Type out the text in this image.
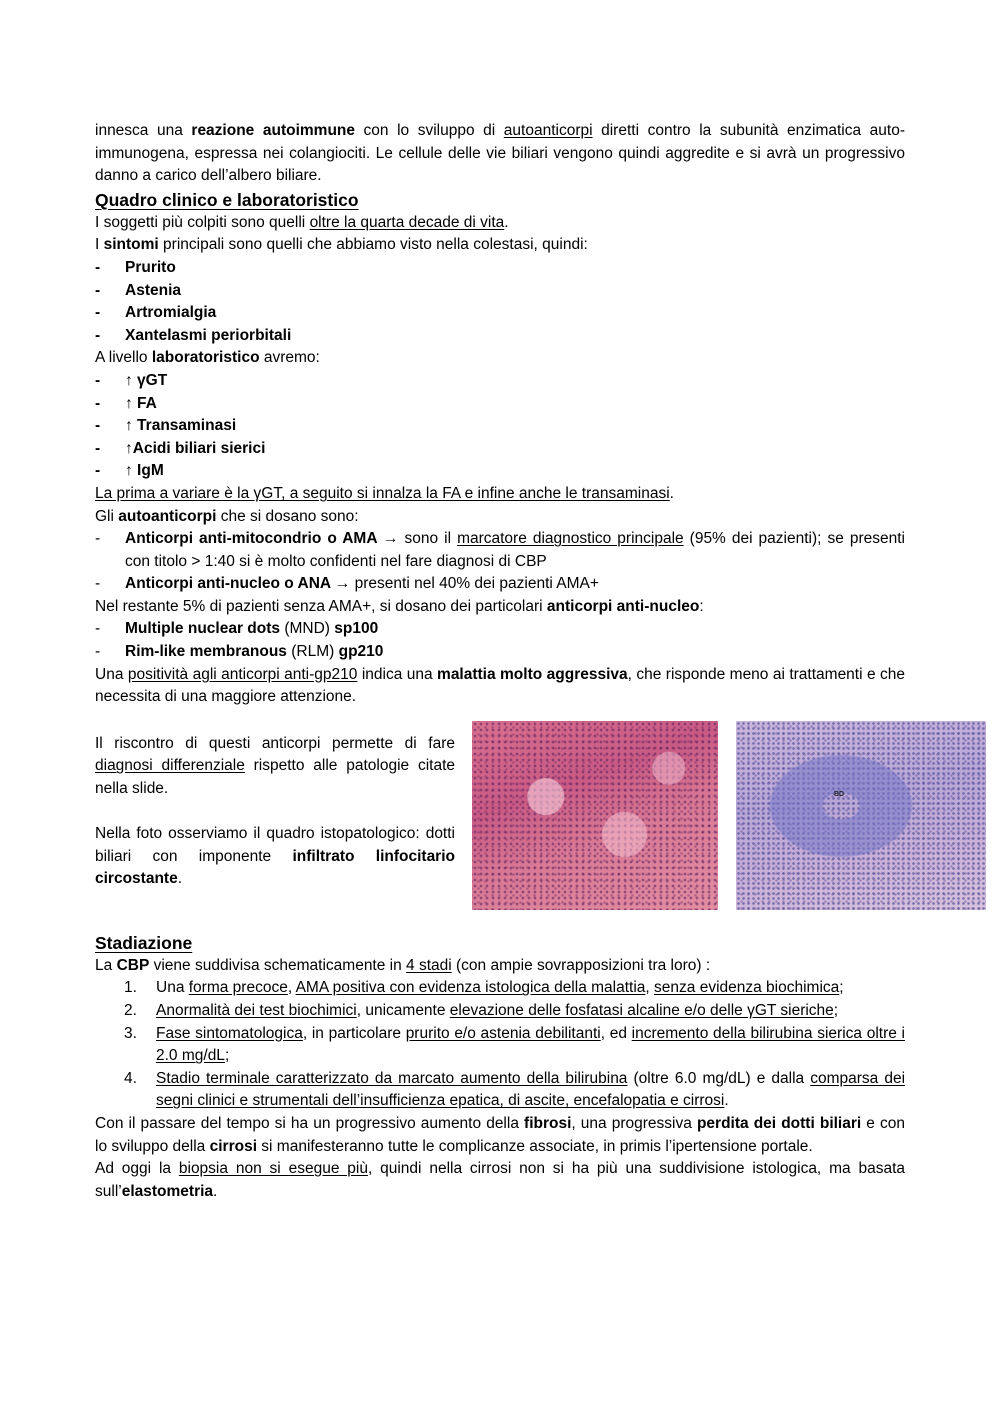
innesca una reazione autoimmune con lo sviluppo di autoanticorpi diretti contro la subunità enzimatica auto-immunogena, espressa nei colangiociti. Le cellule delle vie biliari vengono quindi aggredite e si avrà un progressivo danno a carico dell’albero biliare.

Quadro clinico e laboratoristico

I soggetti più colpiti sono quelli oltre la quarta decade di vita.

I sintomi principali sono quelli che abbiamo visto nella colestasi, quindi:

- Prurito
- Astenia
- Artromialgia
- Xantelasmi periorbitali

A livello laboratoristico avremo:

- ↑ γGT
- ↑ FA
- ↑ Transaminasi
- ↑Acidi biliari sierici
- ↑ IgM

La prima a variare è la γGT, a seguito si innalza la FA e infine anche le transaminasi.

Gli autoanticorpi che si dosano sono:

- Anticorpi anti-mitocondrio o AMA → sono il marcatore diagnostico principale (95% dei pazienti); se presenti con titolo > 1:40 si è molto confidenti nel fare diagnosi di CBP
- Anticorpi anti-nucleo o ANA → presenti nel 40% dei pazienti AMA+

Nel restante 5% di pazienti senza AMA+, si dosano dei particolari anticorpi anti-nucleo:

- Multiple nuclear dots (MND) sp100
- Rim-like membranous (RLM) gp210

Una positività agli anticorpi anti-gp210 indica una malattia molto aggressiva, che risponde meno ai trattamenti e che necessita di una maggiore attenzione.

Il riscontro di questi anticorpi permette di fare diagnosi differenziale rispetto alle patologie citate nella slide.

Nella foto osserviamo il quadro istopatologico: dotti biliari con imponente infiltrato linfocitario circostante.

BD

Stadiazione

La CBP viene suddivisa schematicamente in 4 stadi (con ampie sovrapposizioni tra loro) :

1. Una forma precoce, AMA positiva con evidenza istologica della malattia, senza evidenza biochimica;
2. Anormalità dei test biochimici, unicamente elevazione delle fosfatasi alcaline e/o delle γGT sieriche;
3. Fase sintomatologica, in particolare prurito e/o astenia debilitanti, ed incremento della bilirubina sierica oltre i 2.0 mg/dL;
4. Stadio terminale caratterizzato da marcato aumento della bilirubina (oltre 6.0 mg/dL) e dalla comparsa dei segni clinici e strumentali dell’insufficienza epatica, di ascite, encefalopatia e cirrosi.

Con il passare del tempo si ha un progressivo aumento della fibrosi, una progressiva perdita dei dotti biliari e con lo sviluppo della cirrosi si manifesteranno tutte le complicanze associate, in primis l’ipertensione portale.

Ad oggi la biopsia non si esegue più, quindi nella cirrosi non si ha più una suddivisione istologica, ma basata sull’elastometria.
